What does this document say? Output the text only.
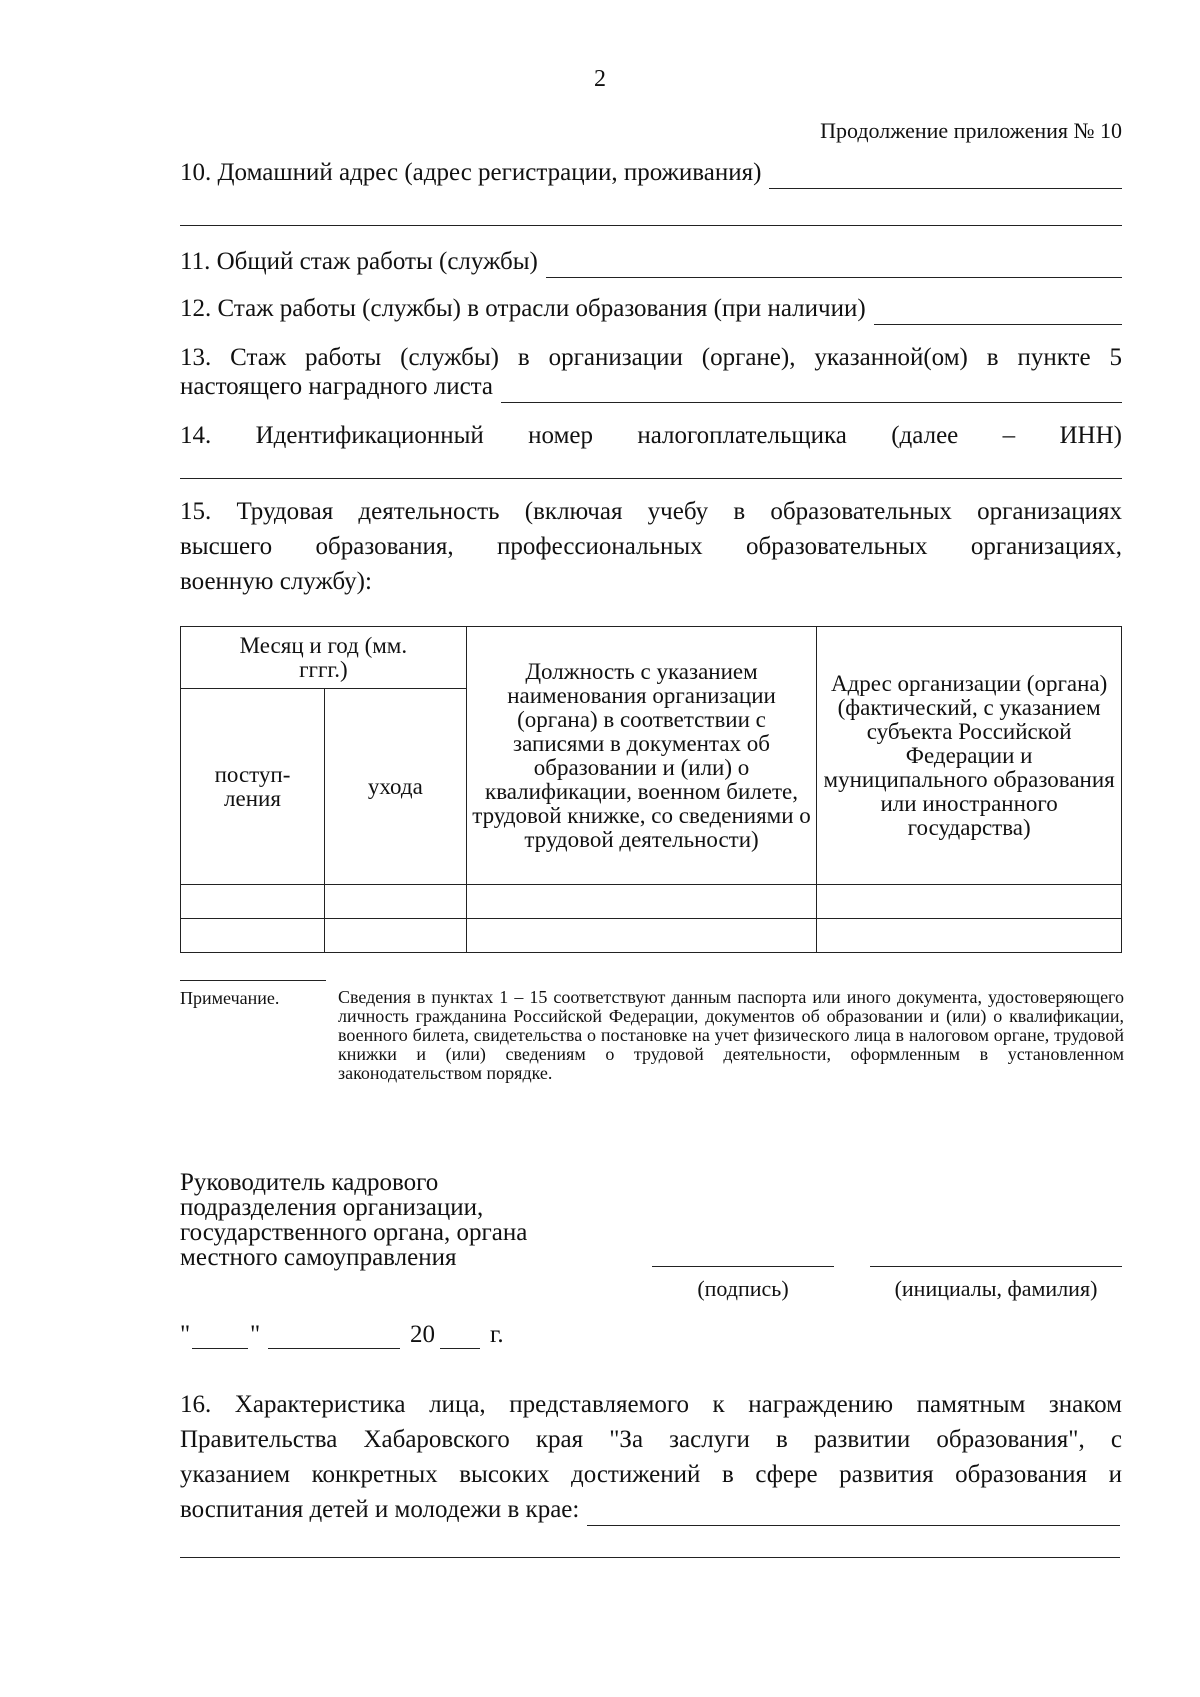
2
Продолжение приложения № 10
10. Домашний адрес (адрес регистрации, проживания)
11. Общий стаж работы (службы)
12. Стаж работы (службы) в отрасли образования (при наличии)
13. Стаж работы (службы) в организации (органе), указанной(ом) в пункте 5
настоящего наградного листа
14. Идентификационный номер налогоплательщика (далее – ИНН)
15. Трудовая деятельность (включая учебу в образовательных организациях
высшего образования, профессиональных образовательных организациях,
военную службу):
Месяц и год (мм. гггг.)		Должность с указанием наименования организации (органа) в соответствии с записями в документах об образовании и (или) о квалификации, военном билете, трудовой книжке, со сведениями о трудовой деятельности)	Адрес организации (органа) (фактический, с указанием субъекта Российской Федерации и муниципального образования или иностранного государства)
поступ-ления	ухода		

Примечание.	Сведения в пунктах 1 – 15 соответствуют данным паспорта или иного документа, удостоверяющего личность гражданина Российской Федерации, документов об образовании и (или) о квалификации, военного билета, свидетельства о постановке на учет физического лица в налоговом органе, трудовой книжки и (или) сведениям о трудовой деятельности, оформленным в установленном законодательством порядке.
Руководитель кадрового
подразделения организации,
государственного органа, органа
местного самоуправления
(подпись)	(инициалы, фамилия)
" "	20 г.
16. Характеристика лица, представляемого к награждению памятным знаком
Правительства Хабаровского края "За заслуги в развитии образования", с
указанием конкретных высоких достижений в сфере развития образования и
воспитания детей и молодежи в крае:
